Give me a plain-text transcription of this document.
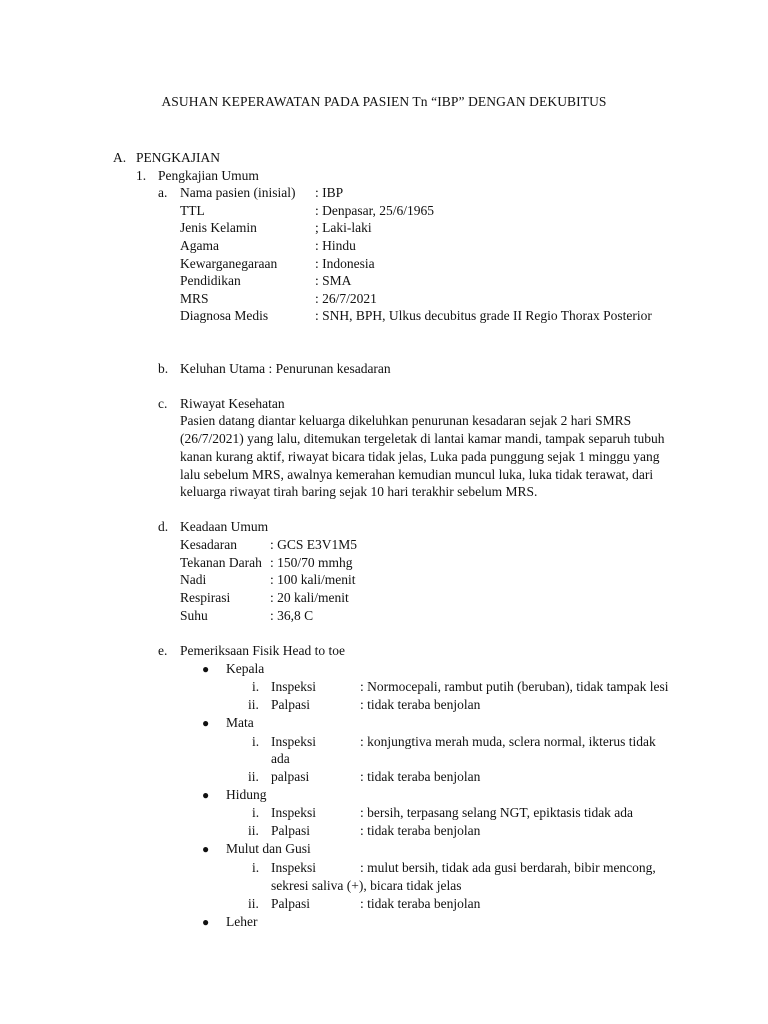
ASUHAN KEPERAWATAN PADA PASIEN Tn “IBP” DENGAN DEKUBITUS
A. PENGKAJIAN
1. Pengkajian Umum
a. Nama pasien (inisial) : IBP
TTL	: Denpasar, 25/6/1965
Jenis Kelamin	; Laki-laki
Agama	: Hindu
Kewarganegaraan	: Indonesia
Pendidikan	: SMA
MRS	: 26/7/2021
Diagnosa Medis	: SNH, BPH, Ulkus decubitus grade II Regio Thorax Posterior
b. Keluhan Utama : Penurunan kesadaran
c. Riwayat Kesehatan
Pasien datang diantar keluarga dikeluhkan penurunan kesadaran sejak 2 hari SMRS
(26/7/2021) yang lalu, ditemukan tergeletak di lantai kamar mandi, tampak separuh tubuh
kanan kurang aktif, riwayat bicara tidak jelas, Luka pada punggung sejak 1 minggu yang
lalu sebelum MRS, awalnya kemerahan kemudian muncul luka, luka tidak terawat, dari
keluarga riwayat tirah baring sejak 10 hari terakhir sebelum MRS.
d. Keadaan Umum
Kesadaran : GCS E3V1M5
Tekanan Darah : 150/70 mmhg
Nadi	: 100 kali/menit
Respirasi	: 20 kali/menit
Suhu	: 36,8 C
e. Pemeriksaan Fisik Head to toe
● Kepala
i. Inspeksi	: Normocepali, rambut putih (beruban), tidak tampak lesi
ii. Palpasi	: tidak teraba benjolan
● Mata
i. Inspeksi	: konjungtiva merah muda, sclera normal, ikterus tidak
ada
ii. palpasi	: tidak teraba benjolan
● Hidung
i. Inspeksi	: bersih, terpasang selang NGT, epiktasis tidak ada
ii. Palpasi	: tidak teraba benjolan
● Mulut dan Gusi
i. Inspeksi	: mulut bersih, tidak ada gusi berdarah, bibir mencong,
sekresi saliva (+), bicara tidak jelas
ii. Palpasi	: tidak teraba benjolan
● Leher
